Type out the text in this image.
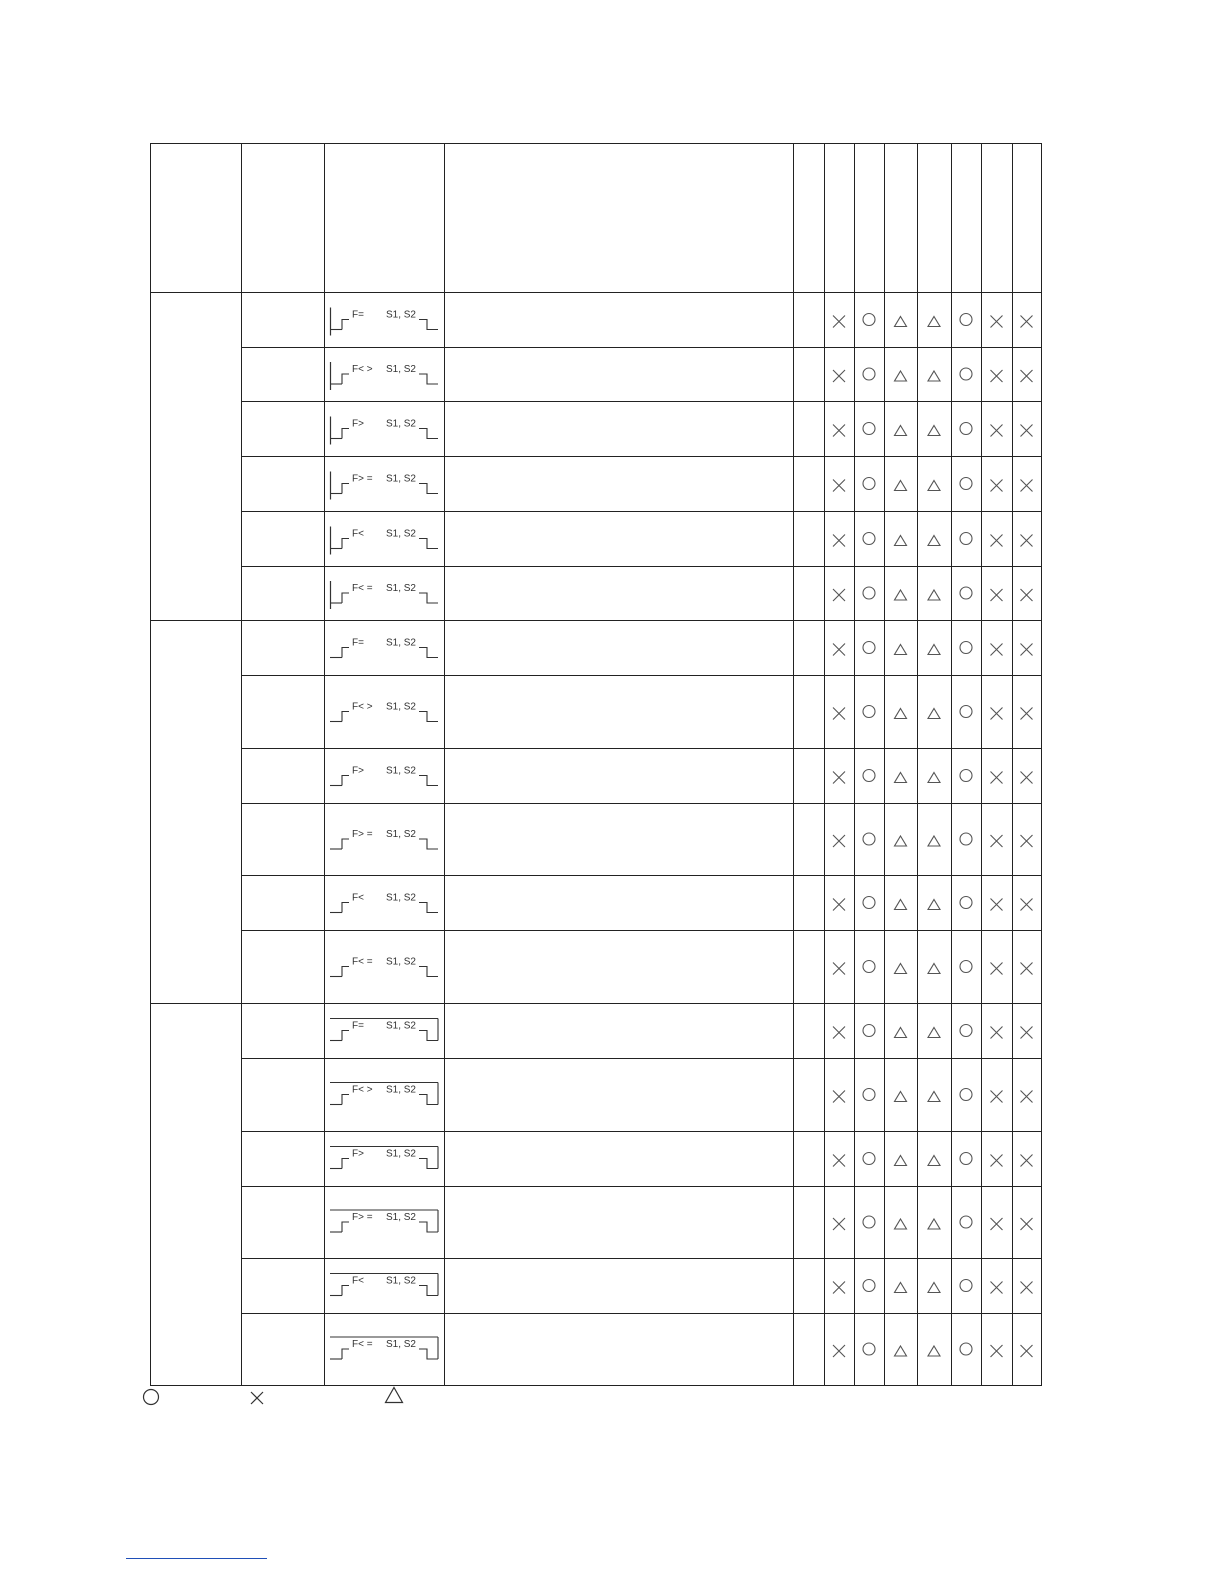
F= S1, S2
F< > S1, S2
F> S1, S2
F> = S1, S2
F< S1, S2
F< = S1, S2
F= S1, S2
F< > S1, S2
F> S1, S2
F> = S1, S2
F< S1, S2
F< = S1, S2
F= S1, S2
F< > S1, S2
F> S1, S2
F> = S1, S2
F< S1, S2
F< = S1, S2
